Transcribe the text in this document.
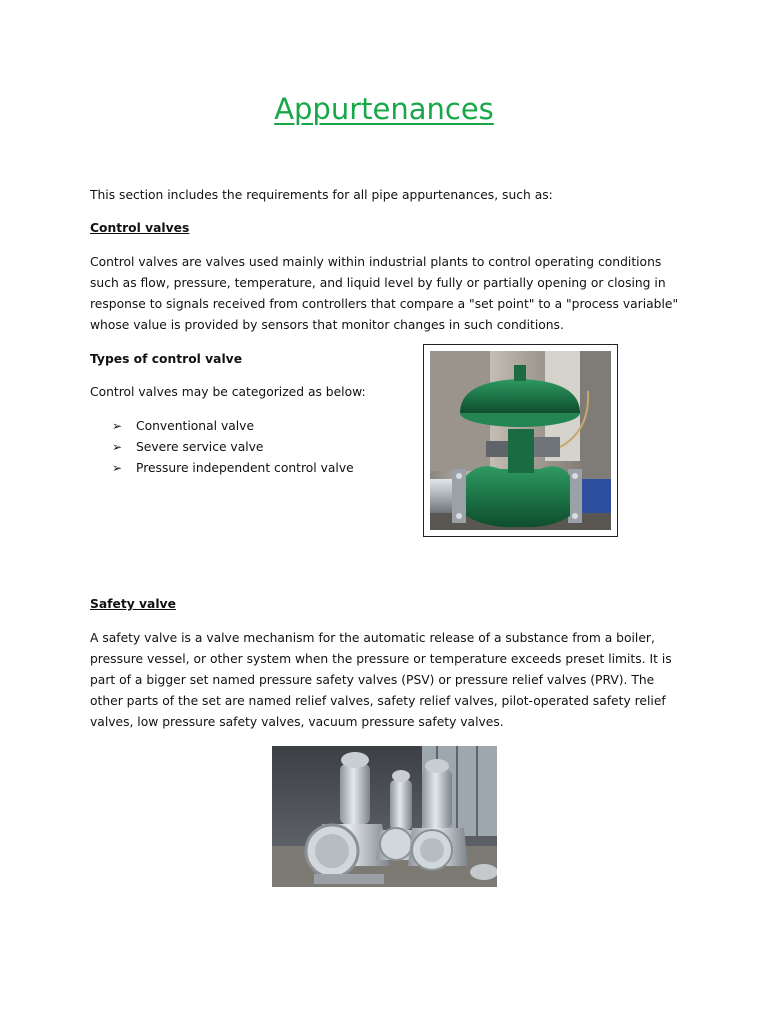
Appurtenances

This section includes the requirements for all pipe appurtenances, such as:

Control valves

Control valves are valves used mainly within industrial plants to control operating conditions
such as flow, pressure, temperature, and liquid level by fully or partially opening or closing in
response to signals received from controllers that compare a "set point" to a "process variable"
whose value is provided by sensors that monitor changes in such conditions.

Types of control valve

Control valves may be categorized as below:

➢ Conventional valve
➢ Severe service valve
➢ Pressure independent control valve

Safety valve

A safety valve is a valve mechanism for the automatic release of a substance from a boiler,
pressure vessel, or other system when the pressure or temperature exceeds preset limits. It is
part of a bigger set named pressure safety valves (PSV) or pressure relief valves (PRV). The
other parts of the set are named relief valves, safety relief valves, pilot-operated safety relief
valves, low pressure safety valves, vacuum pressure safety valves.
